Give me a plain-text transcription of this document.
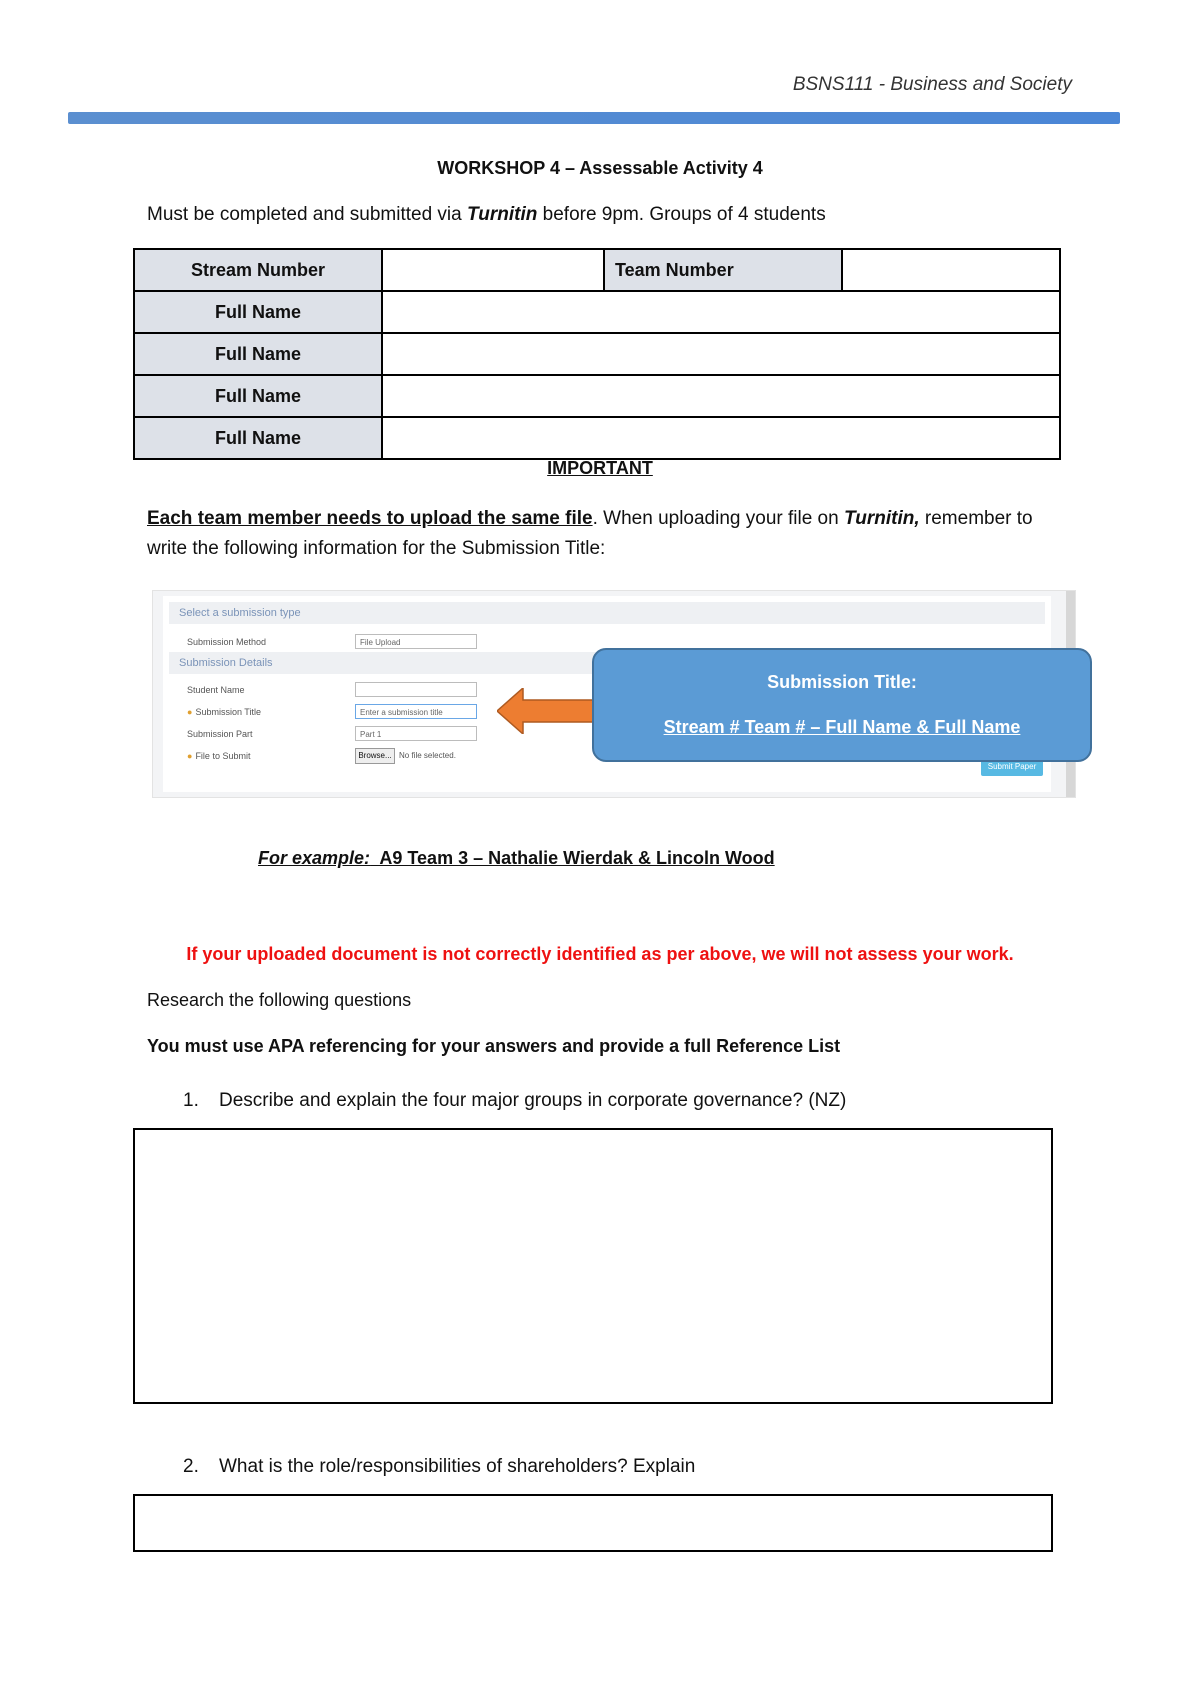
BSNS111 - Business and Society
WORKSHOP 4 – Assessable Activity 4
Must be completed and submitted via Turnitin before 9pm. Groups of 4 students
Stream Number		Team Number	
Full Name			
Full Name			
Full Name			
Full Name			
IMPORTANT
Each team member needs to upload the same file. When uploading your file on Turnitin, remember to write the following information for the Submission Title:
Select a submission type
Submission Method	File Upload
Submission Details
Student Name
● Submission Title	Enter a submission title
Submission Part	Part 1
● File to Submit	Browse... No file selected.
Submit Paper
Submission Title:
Stream # Team # – Full Name & Full Name
For example:  A9 Team 3 – Nathalie Wierdak & Lincoln Wood
If your uploaded document is not correctly identified as per above, we will not assess your work.
Research the following questions
You must use APA referencing for your answers and provide a full Reference List
1. Describe and explain the four major groups in corporate governance? (NZ)
2. What is the role/responsibilities of shareholders? Explain
